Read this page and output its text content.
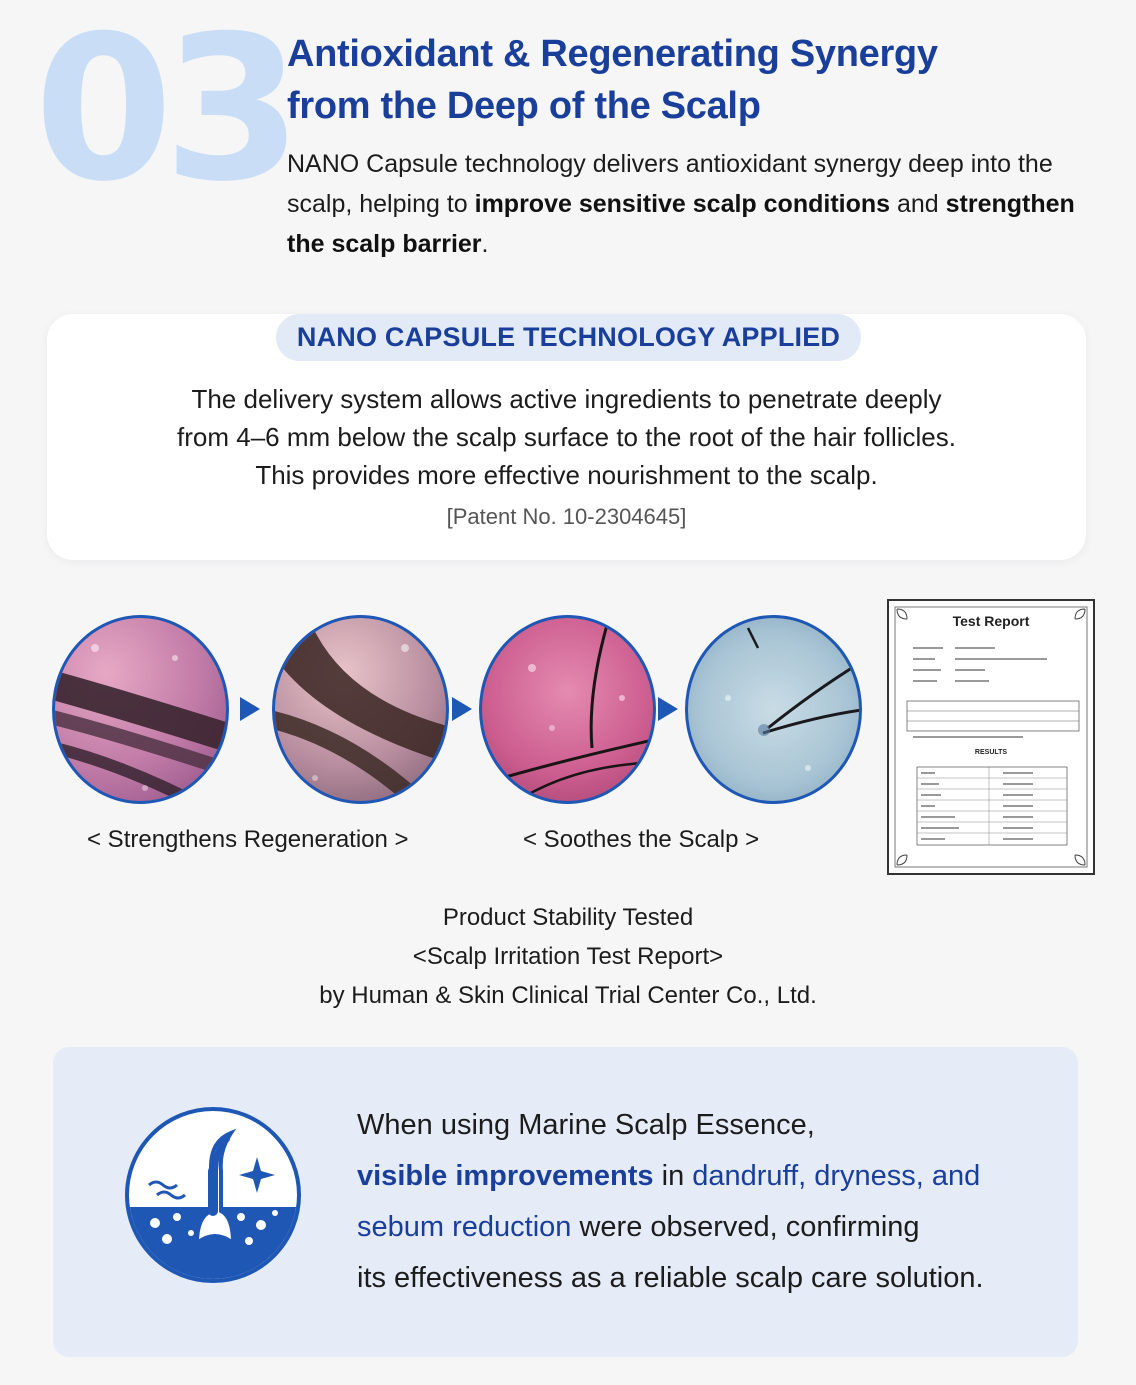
03
Antioxidant & Regenerating Synergy
from the Deep of the Scalp
NANO Capsule technology delivers antioxidant synergy deep into the scalp, helping to improve sensitive scalp conditions and strengthen the scalp barrier.
NANO CAPSULE TECHNOLOGY APPLIED
The delivery system allows active ingredients to penetrate deeply
from 4–6 mm below the scalp surface to the root of the hair follicles.
This provides more effective nourishment to the scalp.
[Patent No. 10-2304645]
< Strengthens Regeneration >	< Soothes the Scalp >
Test Report
RESULTS
Product Stability Tested
<Scalp Irritation Test Report>
by Human & Skin Clinical Trial Center Co., Ltd.
When using Marine Scalp Essence,
visible improvements in dandruff, dryness, and
sebum reduction were observed, confirming
its effectiveness as a reliable scalp care solution.
